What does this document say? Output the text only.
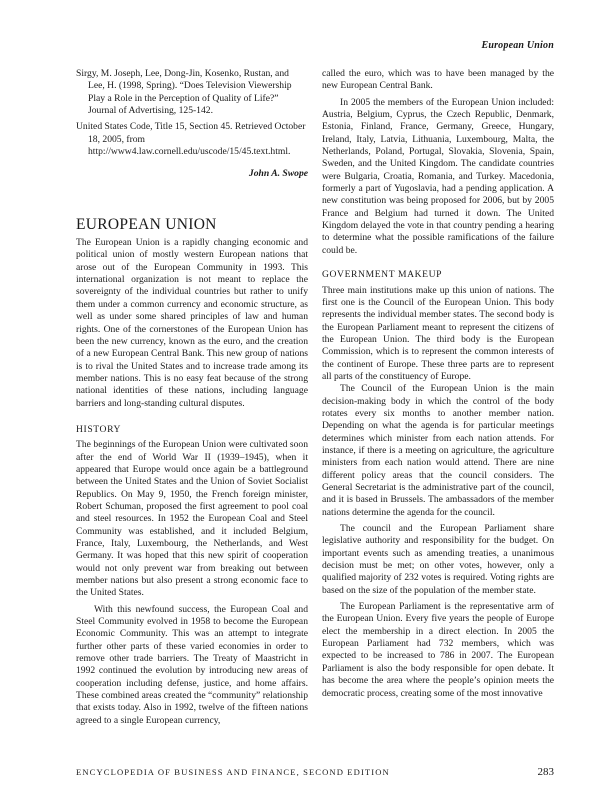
European Union

Sirgy, M. Joseph, Lee, Dong-Jin, Kosenko, Rustan, and Lee, H. (1998, Spring). “Does Television Viewership Play a Role in the Perception of Quality of Life?” Journal of Advertising, 125-142.

United States Code, Title 15, Section 45. Retrieved October 18, 2005, from http://www4.law.cornell.edu/uscode/15/45.text.html.

John A. Swope

EUROPEAN UNION

The European Union is a rapidly changing economic and political union of mostly western European nations that arose out of the European Community in 1993. This international organization is not meant to replace the sovereignty of the individual countries but rather to unify them under a common currency and economic structure, as well as under some shared principles of law and human rights. One of the cornerstones of the European Union has been the new currency, known as the euro, and the creation of a new European Central Bank. This new group of nations is to rival the United States and to increase trade among its member nations. This is no easy feat because of the strong national identities of these nations, including language barriers and long-standing cultural disputes.

HISTORY

The beginnings of the European Union were cultivated soon after the end of World War II (1939–1945), when it appeared that Europe would once again be a battleground between the United States and the Union of Soviet Socialist Republics. On May 9, 1950, the French foreign minister, Robert Schuman, proposed the first agreement to pool coal and steel resources. In 1952 the European Coal and Steel Community was established, and it included Belgium, France, Italy, Luxembourg, the Netherlands, and West Germany. It was hoped that this new spirit of cooperation would not only prevent war from breaking out between member nations but also present a strong economic face to the United States.

With this newfound success, the European Coal and Steel Community evolved in 1958 to become the European Economic Community. This was an attempt to integrate further other parts of these varied economies in order to remove other trade barriers. The Treaty of Maastricht in 1992 continued the evolution by introducing new areas of cooperation including defense, justice, and home affairs. These combined areas created the “community” relationship that exists today. Also in 1992, twelve of the fifteen nations agreed to a single European currency,

called the euro, which was to have been managed by the new European Central Bank.

In 2005 the members of the European Union included: Austria, Belgium, Cyprus, the Czech Republic, Denmark, Estonia, Finland, France, Germany, Greece, Hungary, Ireland, Italy, Latvia, Lithuania, Luxembourg, Malta, the Netherlands, Poland, Portugal, Slovakia, Slovenia, Spain, Sweden, and the United Kingdom. The candidate countries were Bulgaria, Croatia, Romania, and Turkey. Macedonia, formerly a part of Yugoslavia, had a pending application. A new constitution was being proposed for 2006, but by 2005 France and Belgium had turned it down. The United Kingdom delayed the vote in that country pending a hearing to determine what the possible ramifications of the failure could be.

GOVERNMENT MAKEUP

Three main institutions make up this union of nations. The first one is the Council of the European Union. This body represents the individual member states. The second body is the European Parliament meant to represent the citizens of the European Union. The third body is the European Commission, which is to represent the common interests of the continent of Europe. These three parts are to represent all parts of the constituency of Europe.

The Council of the European Union is the main decision-making body in which the control of the body rotates every six months to another member nation. Depending on what the agenda is for particular meetings determines which minister from each nation attends. For instance, if there is a meeting on agriculture, the agriculture ministers from each nation would attend. There are nine different policy areas that the council considers. The General Secretariat is the administrative part of the council, and it is based in Brussels. The ambassadors of the member nations determine the agenda for the council.

The council and the European Parliament share legislative authority and responsibility for the budget. On important events such as amending treaties, a unanimous decision must be met; on other votes, however, only a qualified majority of 232 votes is required. Voting rights are based on the size of the population of the member state.

The European Parliament is the representative arm of the European Union. Every five years the people of Europe elect the membership in a direct election. In 2005 the European Parliament had 732 members, which was expected to be increased to 786 in 2007. The European Parliament is also the body responsible for open debate. It has become the area where the people’s opinion meets the democratic process, creating some of the most innovative

ENCYCLOPEDIA OF BUSINESS AND FINANCE, SECOND EDITION	283
